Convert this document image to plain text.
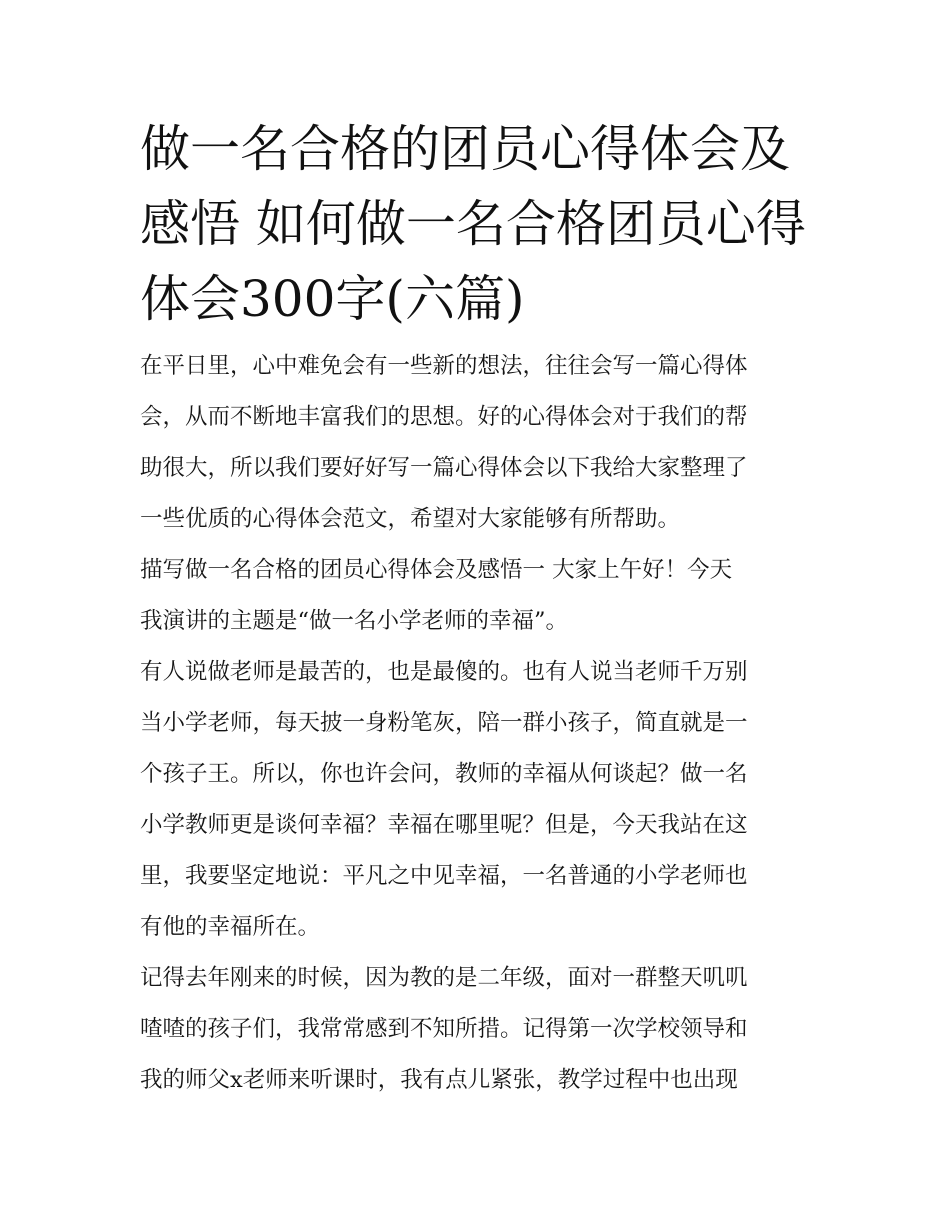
做一名合格的团员心得体会及
感悟 如何做一名合格团员心得
体会300字(六篇)

在平日里，心中难免会有一些新的想法，往往会写一篇心得体
会，从而不断地丰富我们的思想。好的心得体会对于我们的帮
助很大，所以我们要好好写一篇心得体会以下我给大家整理了
一些优质的心得体会范文，希望对大家能够有所帮助。

描写做一名合格的团员心得体会及感悟一 大家上午好！今天
我演讲的主题是“做一名小学老师的幸福”。

有人说做老师是最苦的，也是最傻的。也有人说当老师千万别
当小学老师，每天披一身粉笔灰，陪一群小孩子，简直就是一
个孩子王。所以，你也许会问，教师的幸福从何谈起？做一名
小学教师更是谈何幸福？幸福在哪里呢？但是，今天我站在这
里，我要坚定地说：平凡之中见幸福，一名普通的小学老师也
有他的幸福所在。

记得去年刚来的时候，因为教的是二年级，面对一群整天叽叽
喳喳的孩子们，我常常感到不知所措。记得第一次学校领导和
我的师父x老师来听课时，我有点儿紧张，教学过程中也出现
